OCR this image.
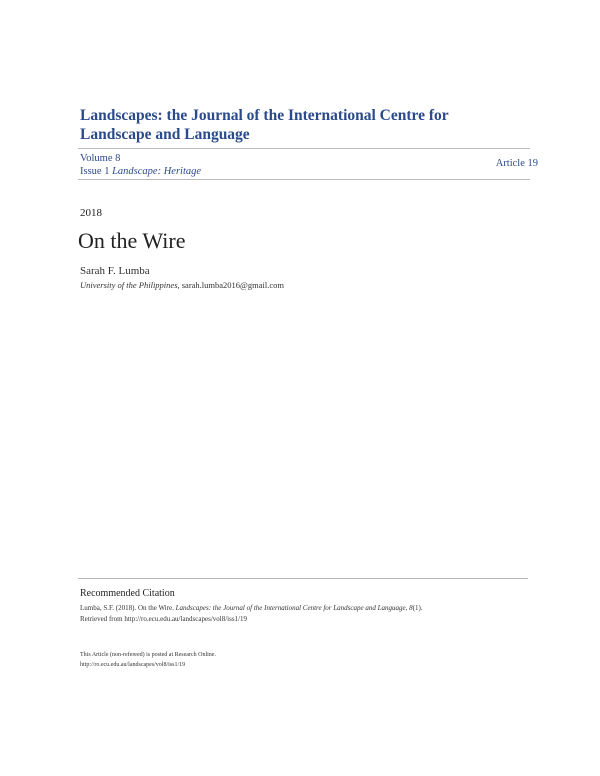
Landscapes: the Journal of the International Centre for Landscape and Language
Volume 8
Issue 1 Landscape: Heritage
Article 19
2018
On the Wire
Sarah F. Lumba
University of the Philippines, sarah.lumba2016@gmail.com
Recommended Citation
Lumba, S.F. (2018). On the Wire. Landscapes: the Journal of the International Centre for Landscape and Language, 8(1).
Retrieved from http://ro.ecu.edu.au/landscapes/vol8/iss1/19
This Article (non-refereed) is posted at Research Online.
http://ro.ecu.edu.au/landscapes/vol8/iss1/19
